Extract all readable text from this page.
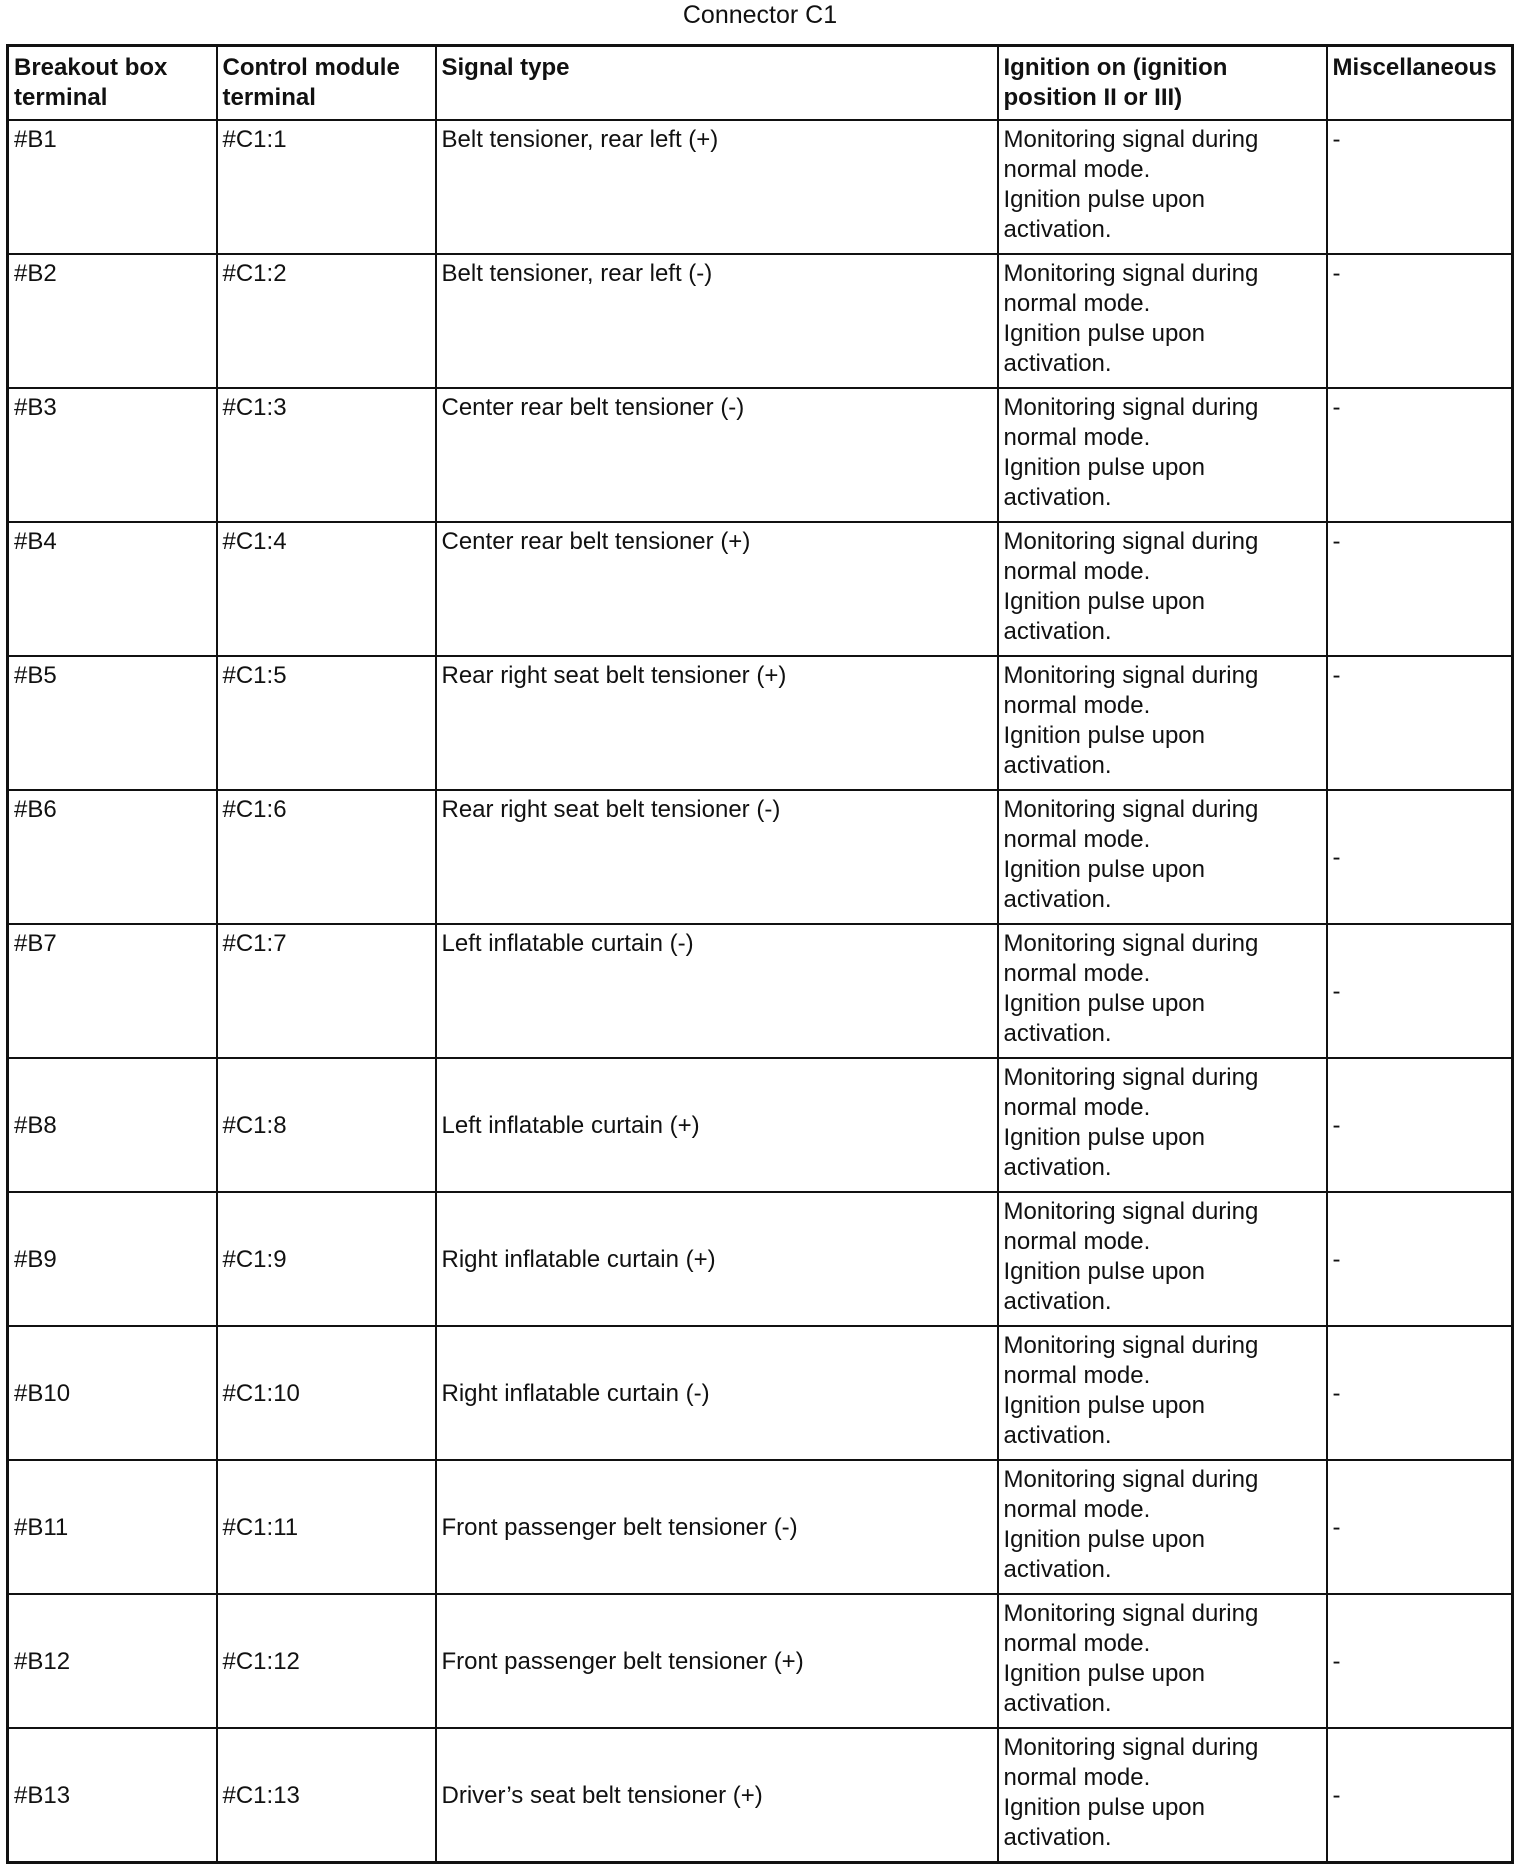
Connector C1
Breakout box
terminal	Control module
terminal	Signal type	Ignition on (ignition
position II or III)	Miscellaneous

#B1	#C1:1	Belt tensioner, rear left (+)	Monitoring signal during
normal mode.
Ignition pulse upon
activation.	-
#B2	#C1:2	Belt tensioner, rear left (-)	Monitoring signal during
normal mode.
Ignition pulse upon
activation.	-
#B3	#C1:3	Center rear belt tensioner (-)	Monitoring signal during
normal mode.
Ignition pulse upon
activation.	-
#B4	#C1:4	Center rear belt tensioner (+)	Monitoring signal during
normal mode.
Ignition pulse upon
activation.	-
#B5	#C1:5	Rear right seat belt tensioner (+)	Monitoring signal during
normal mode.
Ignition pulse upon
activation.	-
#B6	#C1:6	Rear right seat belt tensioner (-)	Monitoring signal during
normal mode.
Ignition pulse upon
activation.	-
#B7	#C1:7	Left inflatable curtain (-)	Monitoring signal during
normal mode.
Ignition pulse upon
activation.	-
#B8	#C1:8	Left inflatable curtain (+)	Monitoring signal during
normal mode.
Ignition pulse upon
activation.	-
#B9	#C1:9	Right inflatable curtain (+)	Monitoring signal during
normal mode.
Ignition pulse upon
activation.	-
#B10	#C1:10	Right inflatable curtain (-)	Monitoring signal during
normal mode.
Ignition pulse upon
activation.	-
#B11	#C1:11	Front passenger belt tensioner (-)	Monitoring signal during
normal mode.
Ignition pulse upon
activation.	-
#B12	#C1:12	Front passenger belt tensioner (+)	Monitoring signal during
normal mode.
Ignition pulse upon
activation.	-
#B13	#C1:13	Driver’s seat belt tensioner (+)	Monitoring signal during
normal mode.
Ignition pulse upon
activation.	-
